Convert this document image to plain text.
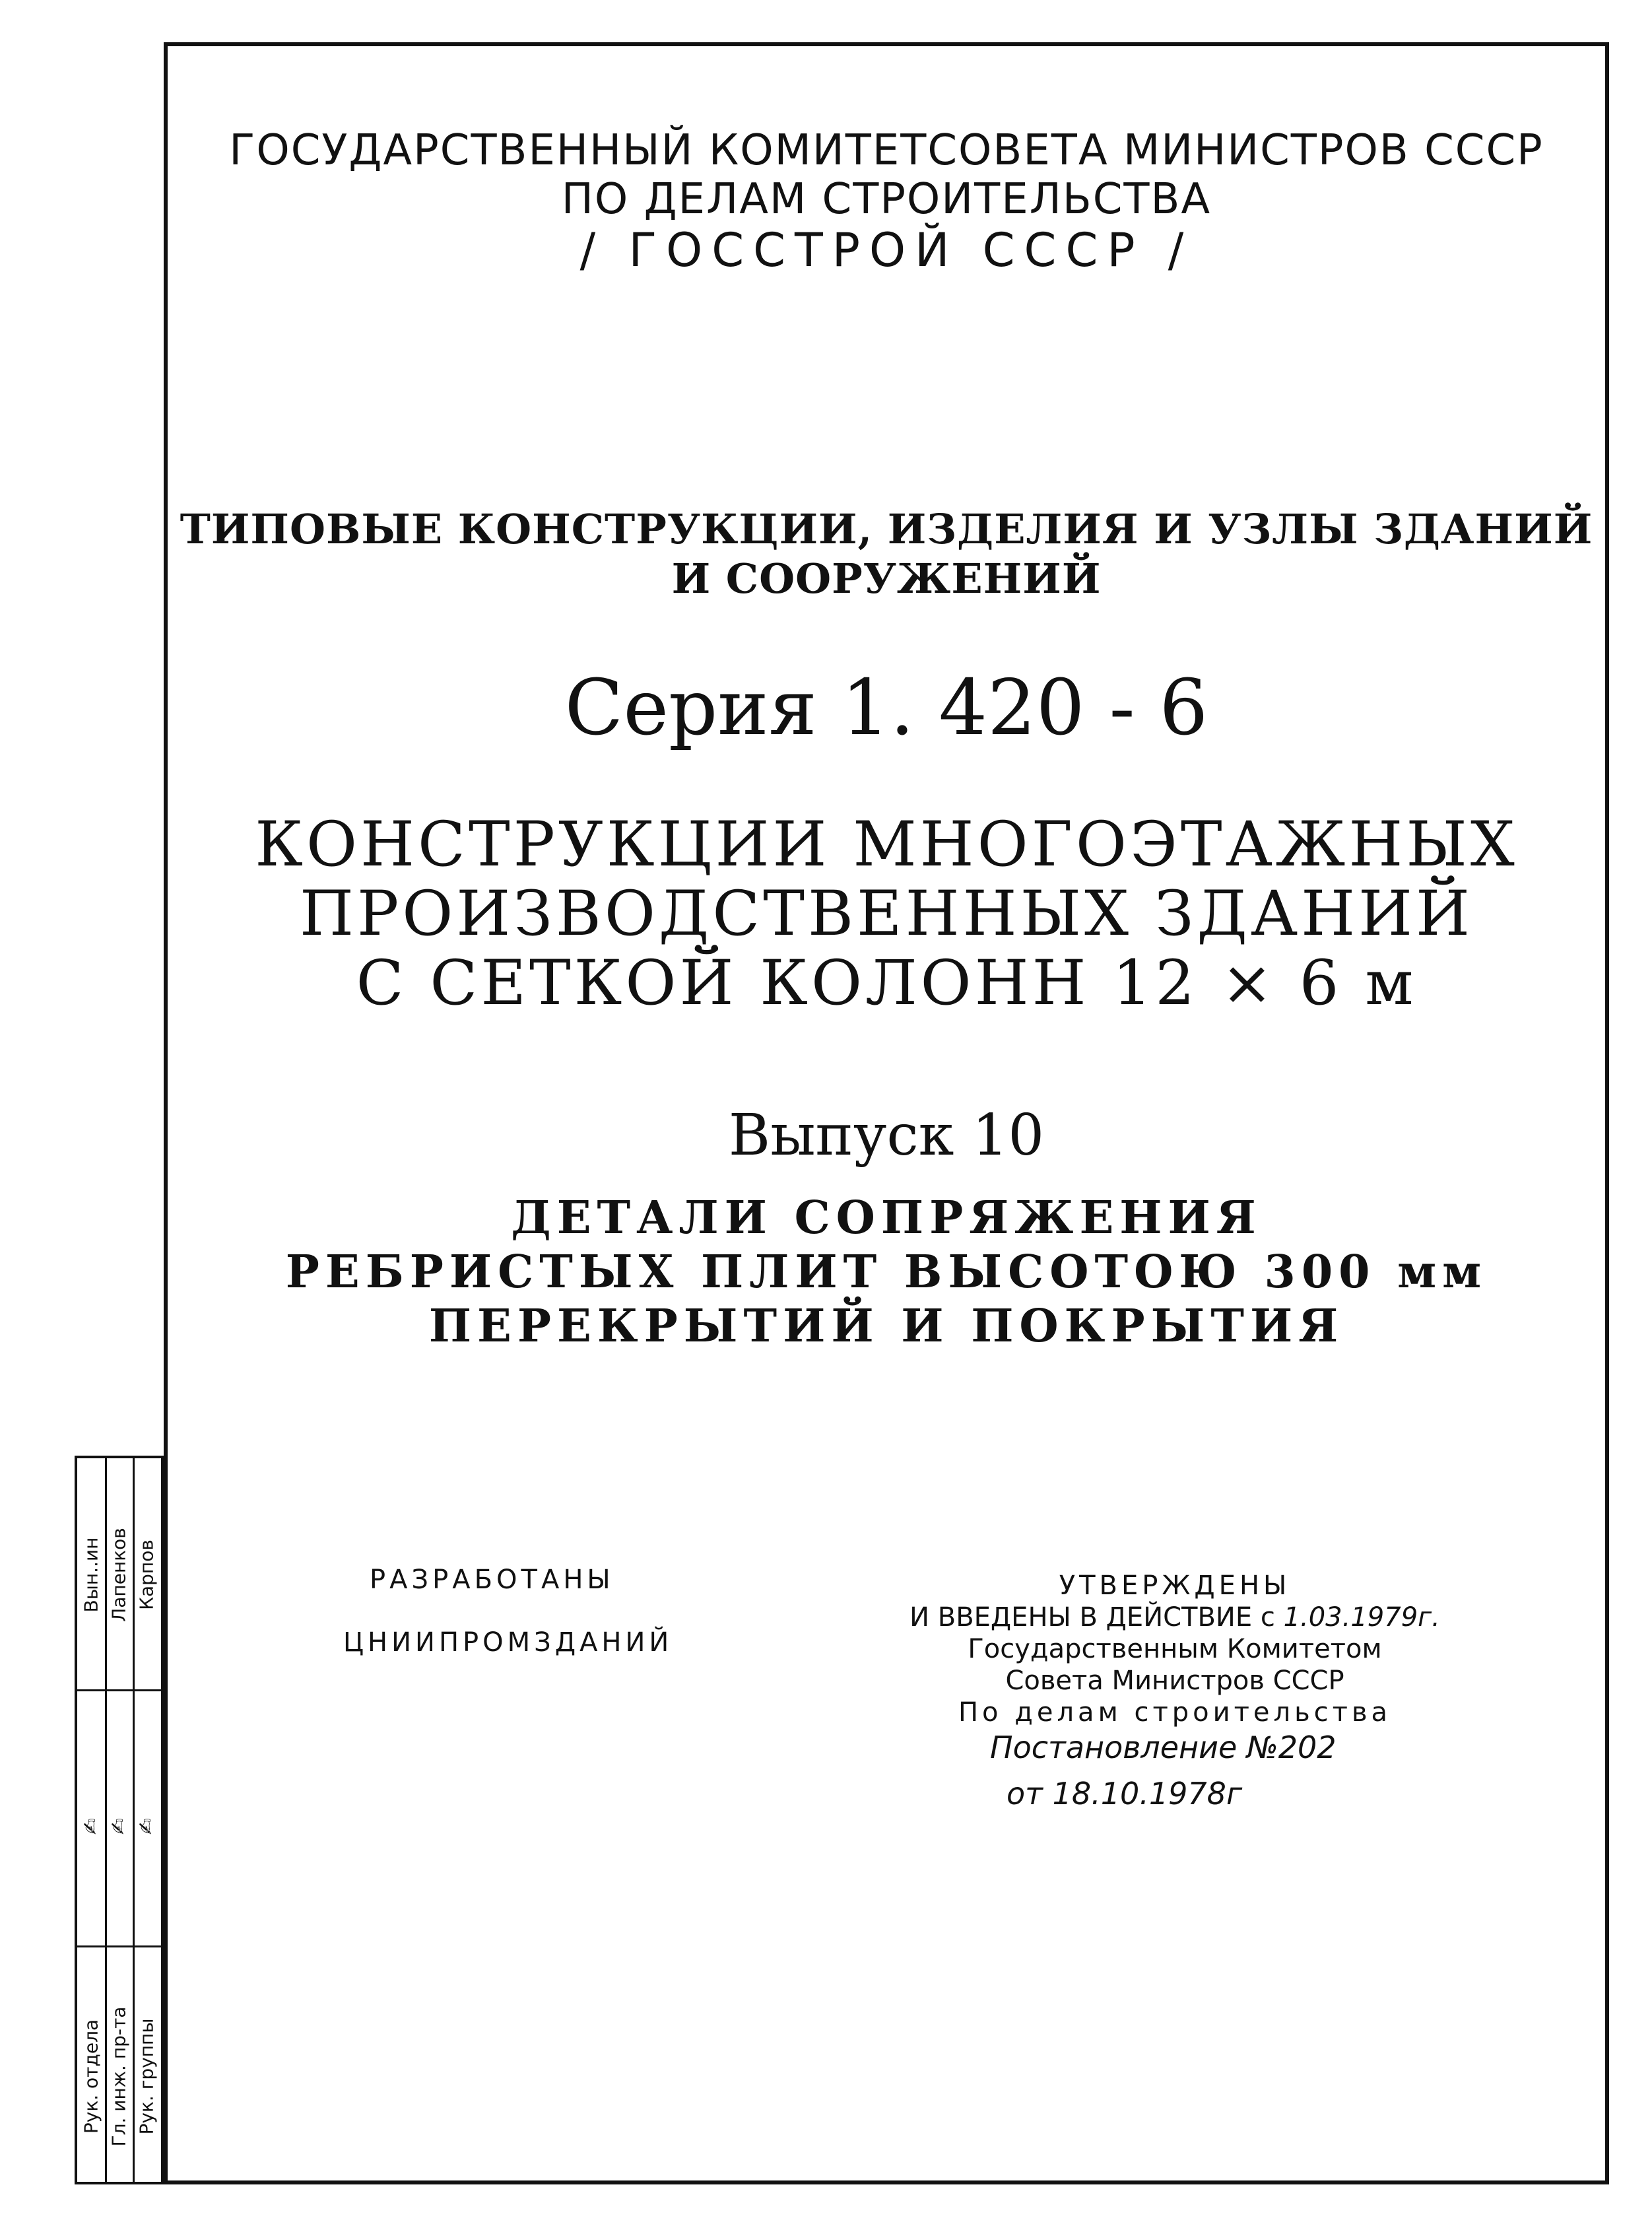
ГОСУДАРСТВЕННЫЙ КОМИТЕТСОВЕТА МИНИСТРОВ СССР

ПО ДЕЛАМ СТРОИТЕЛЬСТВА

/ ГОССТРОЙ СССР /

ТИПОВЫЕ КОНСТРУКЦИИ, ИЗДЕЛИЯ И УЗЛЫ ЗДАНИЙ

И СООРУЖЕНИЙ

Серия 1. 420 - 6

КОНСТРУКЦИИ МНОГОЭТАЖНЫХ

ПРОИЗВОДСТВЕННЫХ ЗДАНИЙ

С СЕТКОЙ КОЛОНН 12 × 6 м

Выпуск 10

ДЕТАЛИ СОПРЯЖЕНИЯ

РЕБРИСТЫХ ПЛИТ ВЫСОТОЮ 300 мм

ПЕРЕКРЫТИЙ И ПОКРЫТИЯ

РАЗРАБОТАНЫ

ЦНИИПРОМЗДАНИЙ

УТВЕРЖДЕНЫ
И ВВЕДЕНЫ В ДЕЙСТВИЕ с 1.03.1979г.
Государственным Комитетом
Совета Министров СССР
По делам строительства

Постановление №202

от 18.10.1978г

Рук. отдела
✍
Вын..ин
Гл. инж. пр-та
✍
Лапенков
Рук. группы
✍
Карпов
